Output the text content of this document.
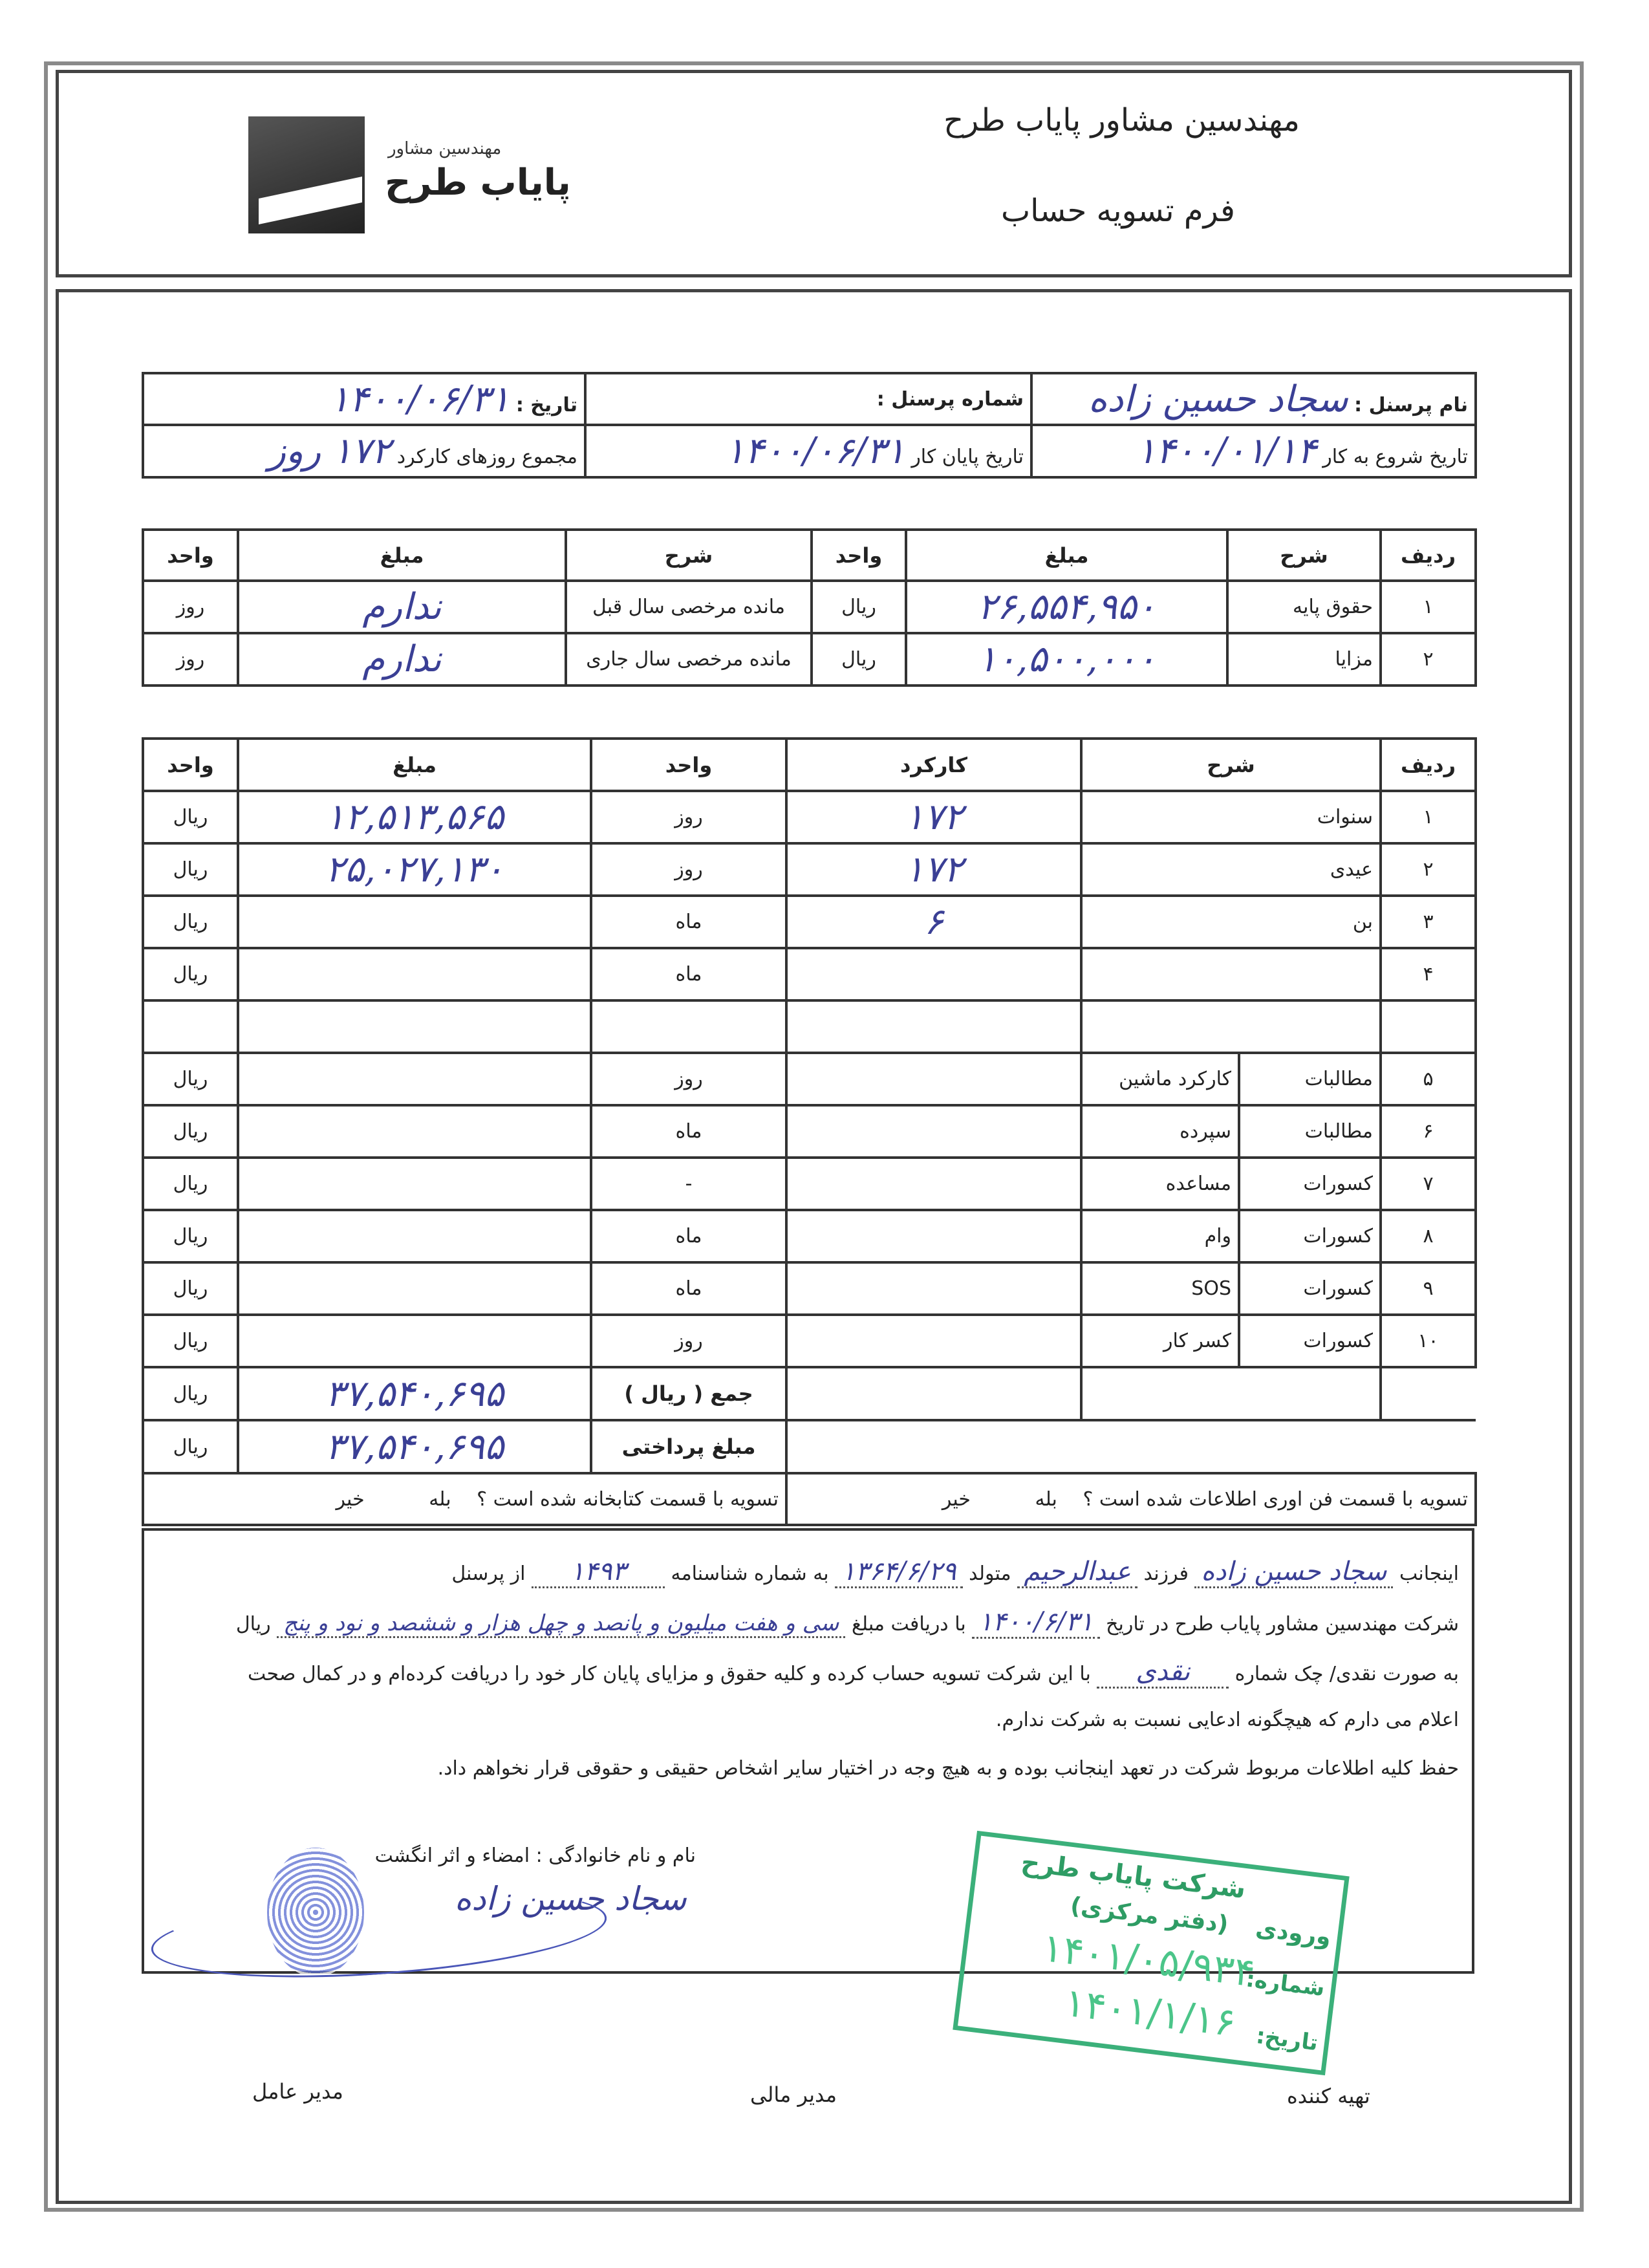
مهندسین مشاور پایاب طرح
فرم تسویه حساب
مهندسین مشاور
پایاب طرح
نام پرسنل : سجاد حسین زاده	شماره پرسنل :	تاریخ : ۱۴۰۰/۰۶/۳۱
تاریخ شروع به کار ۱۴۰۰/۰۱/۱۴	تاریخ پایان کار ۱۴۰۰/۰۶/۳۱	مجموع روزهای کارکرد ۱۷۲ روز
ردیف	شرح	مبلغ	واحد	شرح	مبلغ	واحد
۱	حقوق پایه	۲۶,۵۵۴,۹۵۰	ریال	مانده مرخصی سال قبل	ندارم	روز
۲	مزایا	۱۰,۵۰۰,۰۰۰	ریال	مانده مرخصی سال جاری	ندارم	روز
ردیف	شرح		کارکرد	واحد	مبلغ	واحد
۱	سنوات		۱۷۲	روز	۱۲,۵۱۳,۵۶۵	ریال
۲	عیدی		۱۷۲	روز	۲۵,۰۲۷,۱۳۰	ریال
۳	بن		۶	ماه		ریال
۴				ماه		ریال

۵	مطالبات	کارکرد ماشین		روز		ریال
۶	مطالبات	سپرده		ماه		ریال
۷	کسورات	مساعده		-		ریال
۸	کسورات	وام		ماه		ریال
۹	کسورات	SOS		ماه		ریال
۱۰	کسورات	کسر کار		روز		ریال
				جمع ( ریال )	۳۷,۵۴۰,۶۹۵	ریال
				مبلغ پرداختی	۳۷,۵۴۰,۶۹۵	ریال
تسویه با قسمت فن اوری اطلاعات شده است ؟ بله خیر				تسویه با قسمت کتابخانه شده است ؟ بله خیر		
اینجانب سجاد حسین زاده فرزند عبدالرحیم متولد ۱۳۶۴/۶/۲۹ به شماره شناسنامه ۱۴۹۳ از پرسنل
شرکت مهندسین مشاور پایاب طرح در تاریخ ۱۴۰۰/۶/۳۱ با دریافت مبلغ سی و هفت میلیون و پانصد و چهل هزار و ششصد و نود و پنج ریال
به صورت نقدی/ چک شماره نقدی با این شرکت تسویه حساب کرده و کلیه حقوق و مزایای پایان کار خود را دریافت کرده‌ام و در کمال صحت
اعلام می دارم که هیچگونه ادعایی نسبت به شرکت ندارم.
حفظ کلیه اطلاعات مربوط شرکت در تعهد اینجانب بوده و به هیچ وجه در اختیار سایر اشخاص حقیقی و حقوقی قرار نخواهم داد.
نام و نام خانوادگی : امضاء و اثر انگشت
سجاد حسین زاده	شرکت پایاب طرح
ورودی
(دفتر مرکزی)
شماره:
۱۴۰۱/۰۵/۹۳۴
تاریخ:
۱۴۰۱/۱/۱۶
مدیر عامل	مدیر مالی	تهیه کننده
